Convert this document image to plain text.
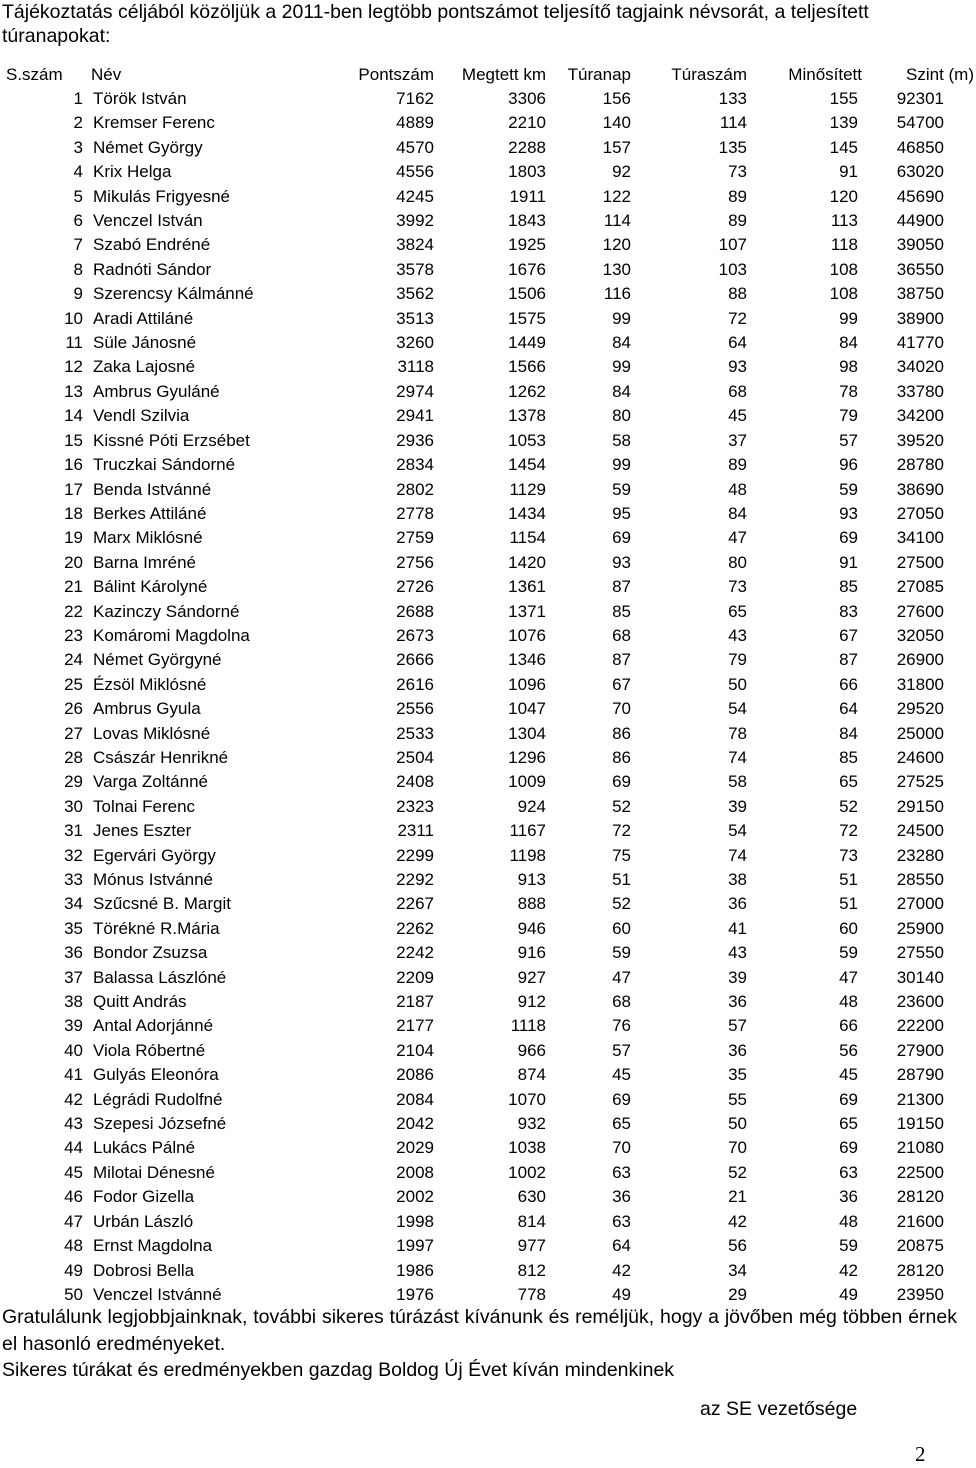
Tájékoztatás céljából közöljük a 2011-ben legtöbb pontszámot teljesítő tagjaink névsorát, a teljesített túranapokat:

S.szám	Név	Pontszám	Megtett km	Túranap	Túraszám	Minősített	Szint (m)
1	Török István	7162	3306	156	133	155	92301
2	Kremser Ferenc	4889	2210	140	114	139	54700
3	Német György	4570	2288	157	135	145	46850
4	Krix Helga	4556	1803	92	73	91	63020
5	Mikulás Frigyesné	4245	1911	122	89	120	45690
6	Venczel István	3992	1843	114	89	113	44900
7	Szabó Endréné	3824	1925	120	107	118	39050
8	Radnóti Sándor	3578	1676	130	103	108	36550
9	Szerencsy Kálmánné	3562	1506	116	88	108	38750
10	Aradi Attiláné	3513	1575	99	72	99	38900
11	Süle Jánosné	3260	1449	84	64	84	41770
12	Zaka Lajosné	3118	1566	99	93	98	34020
13	Ambrus Gyuláné	2974	1262	84	68	78	33780
14	Vendl Szilvia	2941	1378	80	45	79	34200
15	Kissné Póti Erzsébet	2936	1053	58	37	57	39520
16	Truczkai Sándorné	2834	1454	99	89	96	28780
17	Benda Istvánné	2802	1129	59	48	59	38690
18	Berkes Attiláné	2778	1434	95	84	93	27050
19	Marx Miklósné	2759	1154	69	47	69	34100
20	Barna Imréné	2756	1420	93	80	91	27500
21	Bálint Károlyné	2726	1361	87	73	85	27085
22	Kazinczy Sándorné	2688	1371	85	65	83	27600
23	Komáromi Magdolna	2673	1076	68	43	67	32050
24	Német Györgyné	2666	1346	87	79	87	26900
25	Ézsöl Miklósné	2616	1096	67	50	66	31800
26	Ambrus Gyula	2556	1047	70	54	64	29520
27	Lovas Miklósné	2533	1304	86	78	84	25000
28	Császár Henrikné	2504	1296	86	74	85	24600
29	Varga Zoltánné	2408	1009	69	58	65	27525
30	Tolnai Ferenc	2323	924	52	39	52	29150
31	Jenes Eszter	2311	1167	72	54	72	24500
32	Egervári György	2299	1198	75	74	73	23280
33	Mónus Istvánné	2292	913	51	38	51	28550
34	Szűcsné B. Margit	2267	888	52	36	51	27000
35	Törékné R.Mária	2262	946	60	41	60	25900
36	Bondor Zsuzsa	2242	916	59	43	59	27550
37	Balassa Lászlóné	2209	927	47	39	47	30140
38	Quitt András	2187	912	68	36	48	23600
39	Antal Adorjánné	2177	1118	76	57	66	22200
40	Viola Róbertné	2104	966	57	36	56	27900
41	Gulyás Eleonóra	2086	874	45	35	45	28790
42	Légrádi Rudolfné	2084	1070	69	55	69	21300
43	Szepesi Józsefné	2042	932	65	50	65	19150
44	Lukács Pálné	2029	1038	70	70	69	21080
45	Milotai Dénesné	2008	1002	63	52	63	22500
46	Fodor Gizella	2002	630	36	21	36	28120
47	Urbán László	1998	814	63	42	48	21600
48	Ernst Magdolna	1997	977	64	56	59	20875
49	Dobrosi Bella	1986	812	42	34	42	28120
50	Venczel Istvánné	1976	778	49	29	49	23950

Gratulálunk legjobbjainknak, további sikeres túrázást kívánunk és reméljük, hogy a jövőben még többen érnek el hasonló eredményeket.

Sikeres túrákat és eredményekben gazdag Boldog Új Évet kíván mindenkinek

az SE vezetősége
2
